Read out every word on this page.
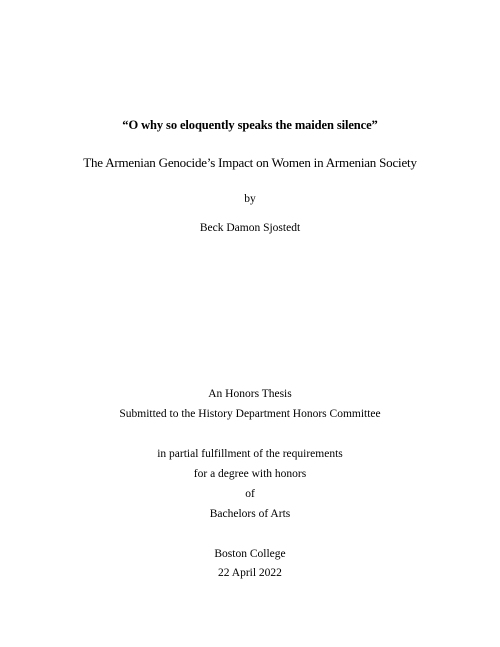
“O why so eloquently speaks the maiden silence”
The Armenian Genocide’s Impact on Women in Armenian Society
by
Beck Damon Sjostedt
An Honors Thesis
Submitted to the History Department Honors Committee
in partial fulfillment of the requirements
for a degree with honors
of
Bachelors of Arts
Boston College
22 April 2022
